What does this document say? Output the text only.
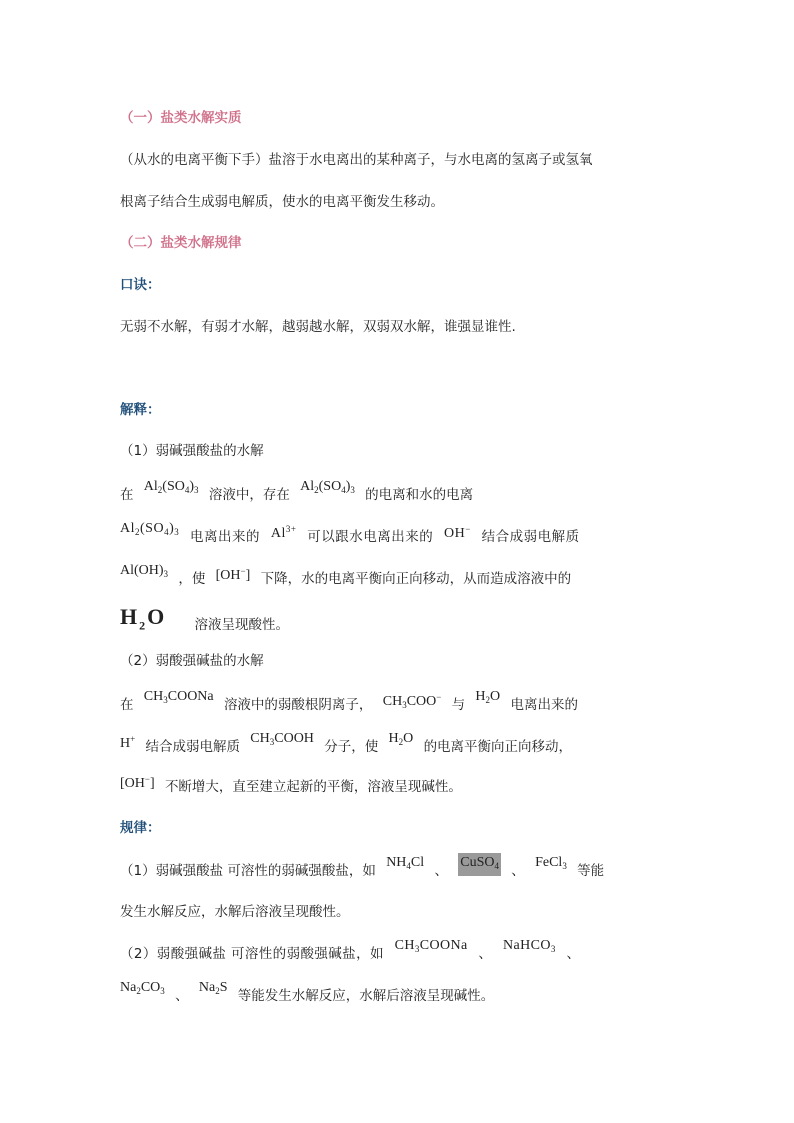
（一）盐类水解实质
（从水的电离平衡下手）盐溶于水电离出的某种离子，与水电离的氢离子或氢氧
根离子结合生成弱电解质，使水的电离平衡发生移动。
（二）盐类水解规律
口诀：
无弱不水解，有弱才水解，越弱越水解，双弱双水解，谁强显谁性.
解释：
（1）弱碱强酸盐的水解
在 $Al_2(SO_4)_3$ 溶液中，存在 $Al_2(SO_4)_3$ 的电离和水的电离
$Al_2(SO_4)_3$ 电离出来的 $Al^{3+}$ 可以跟水电离出来的 OH− 结合成弱电解质
$Al(OH)_3$ ，使 [OH−] 下降，水的电离平衡向正向移动，从而造成溶液中的
$H_2O$ 溶液呈现酸性。
（2）弱酸强碱盐的水解
在 $CH_3COONa$ 溶液中的弱酸根阴离子， $CH_3COO^-$ 与 $H_2O$ 电离出来的
H+ 结合成弱电解质 $CH_3COOH$ 分子，使 $H_2O$ 的电离平衡向正向移动，
[OH−] 不断增大，直至建立起新的平衡，溶液呈现碱性。
规律：
（1）弱碱强酸盐 可溶性的弱碱强酸盐，如 $NH_4Cl$ 、 CuSO$_4$ 、 FeCl$_3$ 等能
发生水解反应，水解后溶液呈现酸性。
（2）弱酸强碱盐 可溶性的弱酸强碱盐，如 $CH_3COONa$ 、 NaHCO$_3$ 、
$Na_2CO_3$ 、 $Na_2S$ 等能发生水解反应，水解后溶液呈现碱性。
